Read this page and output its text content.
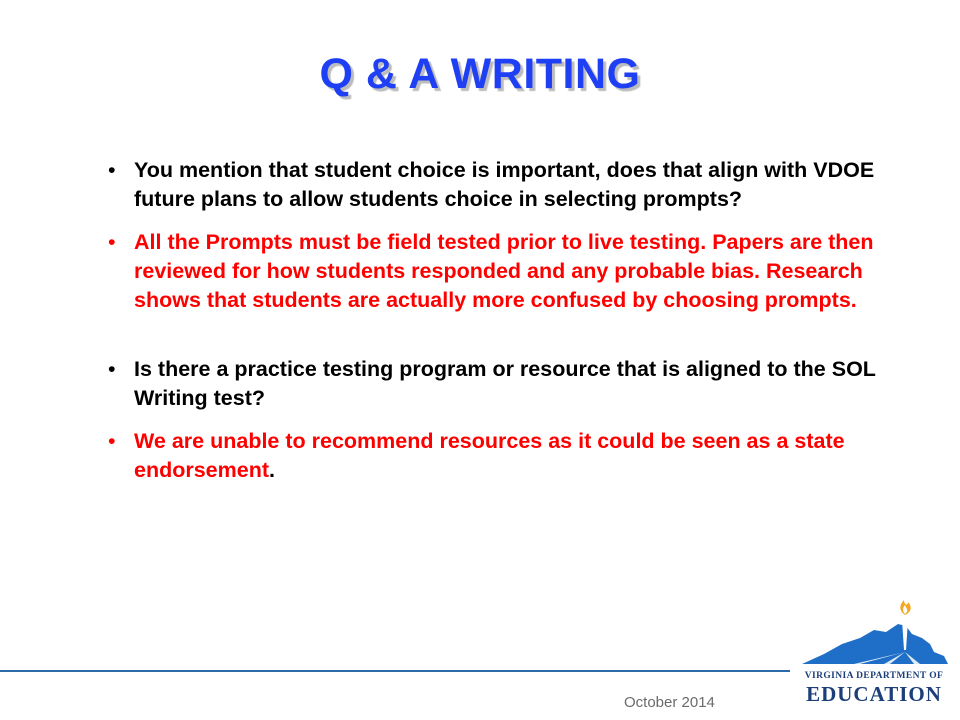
Q & A WRITING
• You mention that student choice is important, does that align with VDOE future plans to allow students choice in selecting prompts?
• All the Prompts must be field tested prior to live testing. Papers are then reviewed for how students responded and any probable bias. Research shows that students are actually more confused by choosing prompts.
• Is there a practice testing program or resource that is aligned to the SOL Writing test?
• We are unable to recommend resources as it could be seen as a state endorsement.
October 2014
VIRGINIA DEPARTMENT OF
EDUCATION
